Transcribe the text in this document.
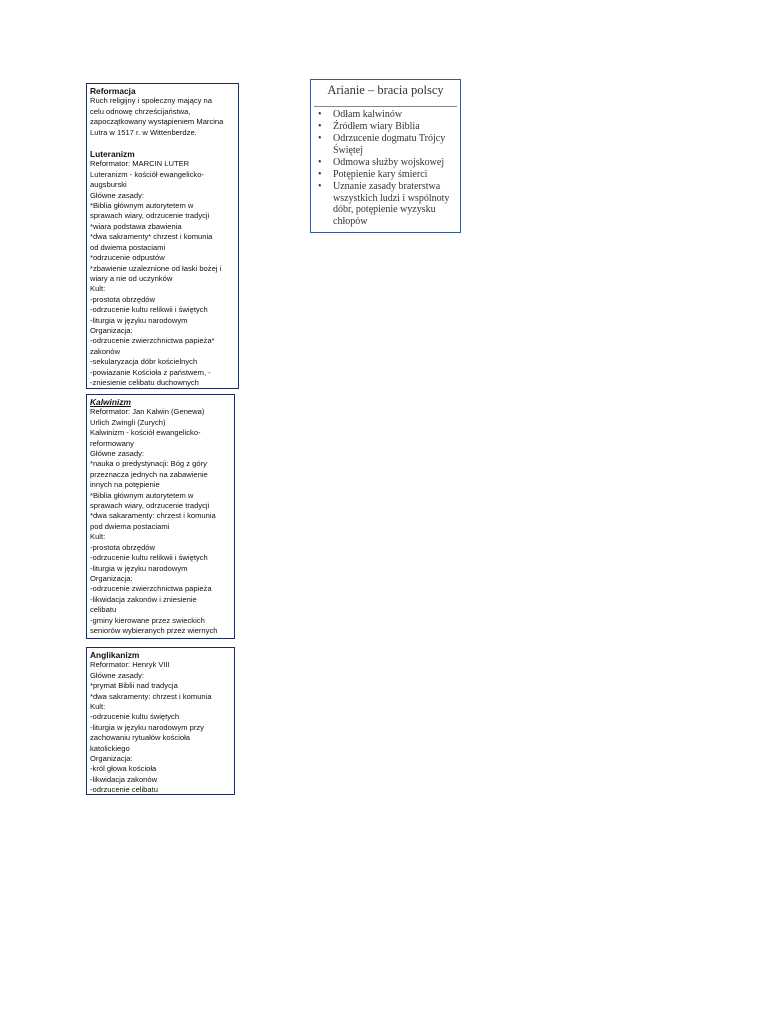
Reformacja
Ruch religijny i społeczny mający na
celu odnowę chrześcijaństwa,
zapoczątkowany wystąpieniem Marcina
Lutra w 1517 r. w Wittenberdze.
Luteranizm
Reformator: MARCIN LUTER
Luteranizm - kościół ewangelicko-
augsburski
Główne zasady:
*Biblia głównym autorytetem w
sprawach wiary, odrzucenie tradycji
*wiara podstawa zbawienia
*dwa sakramenty* chrzest i komunia
od dwiema postaciami
*odrzucenie odpustów
*zbawienie uzaleznione od łaski bożej i
wiary a nie od uczynków
Kult:
-prostota obrzędów
-odrzucenie kultu relikwii i świętych
-liturgia w języku narodowym
Organizacja:
-odrzucenie zwierzchnictwa papieża*
zakonów
-sekularyzacja dóbr kościelnych
-powiazanie Kościoła z państwem, -
-zniesienie celibatu duchownych
Kalwinizm
Reformator: Jan Kalwin (Genewa)
Urlich Zwingli (Zurych)
Kalwinizm - kościół ewangelicko-
reformowany
Główne zasady:
*nauka o predystynacji: Bóg z góry
przeznacza jednych na zabawienie
innych na potępienie
*Biblia głównym autorytetem w
sprawach wiary, odrzucenie tradycji
*dwa sakaramenty: chrzest i komunia
pod dwiema postaciami
Kult:
-prostota obrzędów
-odrzucenie kultu relikwii i świętych
-liturgia w języku narodowym
Organizacja:
-odrzucenie zwierzchnictwa papieża
-likwidacja zakonów i zniesienie
celibatu
-gminy kierowane przez swieckich
seniorów wybieranych przez wiernych
Anglikanizm
Reformator: Henryk VIII
Główne zasady:
*prymat Biblii nad tradycja
*dwa sakramenty: chrzest i komunia
Kult:
-odrzucenie kultu świętych
-liturgia w języku narodowym przy
zachowaniu rytuałów kościoła
katolickiego
Organizacja:
-król głowa kościoła
-likwidacja zakonów
-odrzucenie celibatu
Arianie – bracia polscy
• Odłam kalwinów
• Źródłem wiary Biblia
• Odrzucenie dogmatu Trójcy Świętej
• Odmowa służby wojskowej
• Potępienie kary śmierci
• Uznanie zasady braterstwa wszystkich ludzi i wspólnoty dóbr, potępienie wyzysku chłopów
